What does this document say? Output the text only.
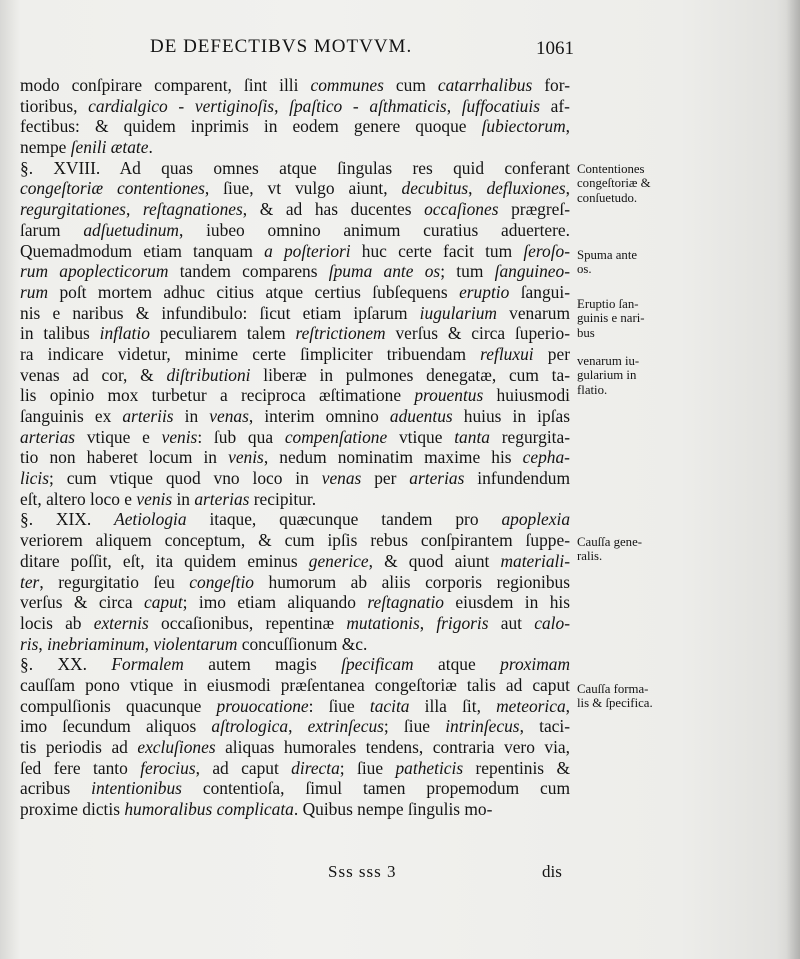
DE DEFECTIBVS MOTVVM.	1061
modo conſpirare comparent, ſint illi communes cum catarrhalibus for-
tioribus, cardialgico - vertiginoſis, ſpaſtico - aſthmaticis, ſuffocatiuis af-
fectibus: & quidem inprimis in eodem genere quoque ſubiectorum,
nempe ſenili ætate.
§. XVIII. Ad quas omnes atque ſingulas res quid conferant
congeſtoriæ contentiones, ſiue, vt vulgo aiunt, decubitus, defluxiones,
regurgitationes, reſtagnationes, & ad has ducentes occaſiones prægreſ-
ſarum adſuetudinum, iubeo omnino animum curatius aduertere.
Quemadmodum etiam tanquam a poſteriori huc certe facit tum ſeroſo-
rum apoplecticorum tandem comparens ſpuma ante os; tum ſanguineo-
rum poſt mortem adhuc citius atque certius ſubſequens eruptio ſangui-
nis e naribus & infundibulo: ſicut etiam ipſarum iugularium venarum
in talibus inflatio peculiarem talem reſtrictionem verſus & circa ſuperio-
ra indicare videtur, minime certe ſimpliciter tribuendam refluxui per
venas ad cor, & diſtributioni liberæ in pulmones denegatæ, cum ta-
lis opinio mox turbetur a reciproca æſtimatione prouentus huiusmodi
ſanguinis ex arteriis in venas, interim omnino aduentus huius in ipſas
arterias vtique e venis: ſub qua compenſatione vtique tanta regurgita-
tio non haberet locum in venis, nedum nominatim maxime his cepha-
licis; cum vtique quod vno loco in venas per arterias infundendum
eſt, altero loco e venis in arterias recipitur.
§. XIX. Aetiologia itaque, quæcunque tandem pro apoplexia
veriorem aliquem conceptum, & cum ipſis rebus conſpirantem ſuppe-
ditare poſſit, eſt, ita quidem eminus generice, & quod aiunt materiali-
ter, regurgitatio ſeu congeſtio humorum ab aliis corporis regionibus
verſus & circa caput; imo etiam aliquando reſtagnatio eiusdem in his
locis ab externis occaſionibus, repentinæ mutationis, frigoris aut calo-
ris, inebriaminum, violentarum concuſſionum &c.
§. XX. Formalem autem magis ſpecificam atque proximam
cauſſam pono vtique in eiusmodi præſentanea congeſtoriæ talis ad caput
compulſionis quacunque prouocatione: ſiue tacita illa ſit, meteorica,
imo ſecundum aliquos aſtrologica, extrinſecus; ſiue intrinſecus, taci-
tis periodis ad excluſiones aliquas humorales tendens, contraria vero via,
ſed fere tanto ferocius, ad caput directa; ſiue patheticis repentinis &
acribus intentionibus contentioſa, ſimul tamen propemodum cum
proxime dictis humoralibus complicata. Quibus nempe ſingulis mo-
Contentiones
congeſtoriæ &
conſuetudo.
Spuma ante
os.
Eruptio ſan-
guinis e nari-
bus
venarum iu-
gularium in
flatio.
Cauſſa gene-
ralis.
Cauſſa forma-
lis & ſpecifica.
Sss sss 3	dis
